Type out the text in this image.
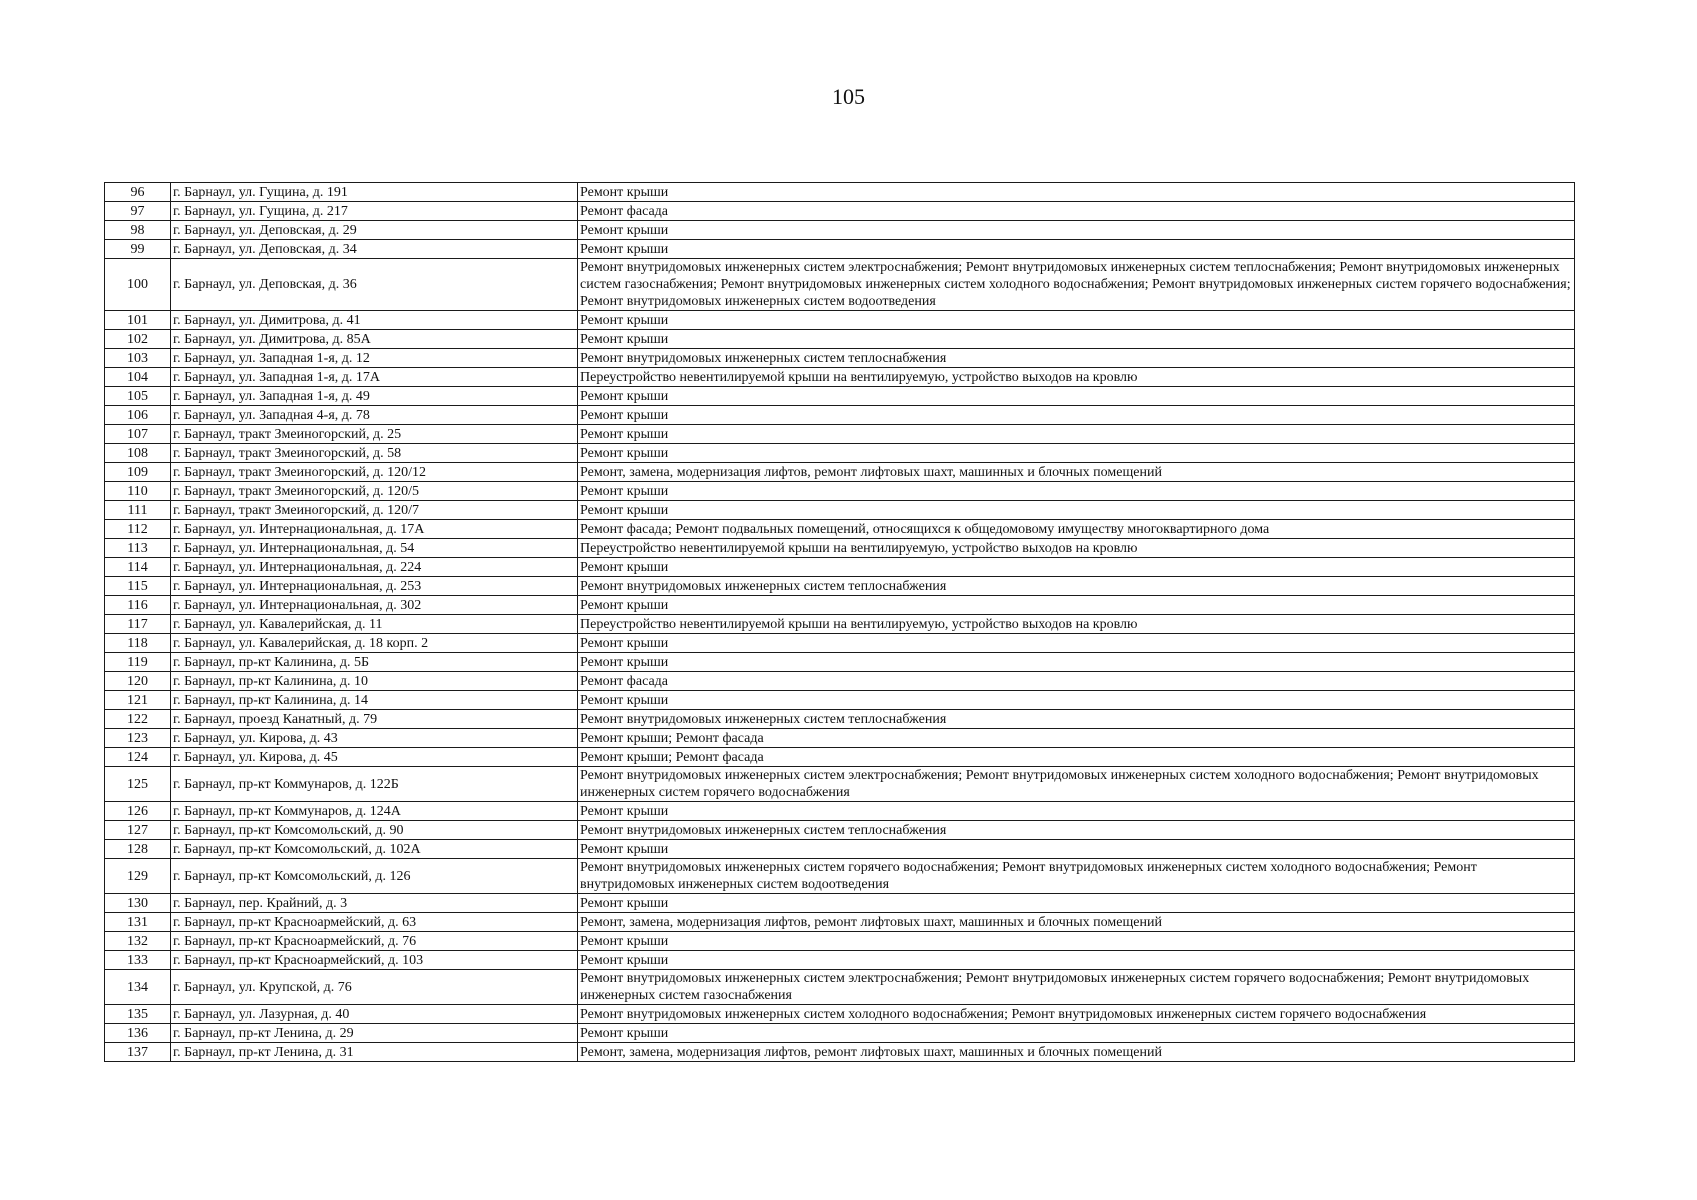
105
96	г. Барнаул, ул. Гущина, д. 191	Ремонт крыши
97	г. Барнаул, ул. Гущина, д. 217	Ремонт фасада
98	г. Барнаул, ул. Деповская, д. 29	Ремонт крыши
99	г. Барнаул, ул. Деповская, д. 34	Ремонт крыши
100	г. Барнаул, ул. Деповская, д. 36	Ремонт внутридомовых инженерных систем электроснабжения; Ремонт внутридомовых инженерных систем теплоснабжения; Ремонт внутридомовых инженерных систем газоснабжения; Ремонт внутридомовых инженерных систем холодного водоснабжения; Ремонт внутридомовых инженерных систем горячего водоснабжения; Ремонт внутридомовых инженерных систем водоотведения
101	г. Барнаул, ул. Димитрова, д. 41	Ремонт крыши
102	г. Барнаул, ул. Димитрова, д. 85А	Ремонт крыши
103	г. Барнаул, ул. Западная 1-я, д. 12	Ремонт внутридомовых инженерных систем теплоснабжения
104	г. Барнаул, ул. Западная 1-я, д. 17А	Переустройство невентилируемой крыши на вентилируемую, устройство выходов на кровлю
105	г. Барнаул, ул. Западная 1-я, д. 49	Ремонт крыши
106	г. Барнаул, ул. Западная 4-я, д. 78	Ремонт крыши
107	г. Барнаул, тракт Змеиногорский, д. 25	Ремонт крыши
108	г. Барнаул, тракт Змеиногорский, д. 58	Ремонт крыши
109	г. Барнаул, тракт Змеиногорский, д. 120/12	Ремонт, замена, модернизация лифтов, ремонт лифтовых шахт, машинных и блочных помещений
110	г. Барнаул, тракт Змеиногорский, д. 120/5	Ремонт крыши
111	г. Барнаул, тракт Змеиногорский, д. 120/7	Ремонт крыши
112	г. Барнаул, ул. Интернациональная, д. 17А	Ремонт фасада; Ремонт подвальных помещений, относящихся к общедомовому имуществу многоквартирного дома
113	г. Барнаул, ул. Интернациональная, д. 54	Переустройство невентилируемой крыши на вентилируемую, устройство выходов на кровлю
114	г. Барнаул, ул. Интернациональная, д. 224	Ремонт крыши
115	г. Барнаул, ул. Интернациональная, д. 253	Ремонт внутридомовых инженерных систем теплоснабжения
116	г. Барнаул, ул. Интернациональная, д. 302	Ремонт крыши
117	г. Барнаул, ул. Кавалерийская, д. 11	Переустройство невентилируемой крыши на вентилируемую, устройство выходов на кровлю
118	г. Барнаул, ул. Кавалерийская, д. 18 корп. 2	Ремонт крыши
119	г. Барнаул, пр-кт Калинина, д. 5Б	Ремонт крыши
120	г. Барнаул, пр-кт Калинина, д. 10	Ремонт фасада
121	г. Барнаул, пр-кт Калинина, д. 14	Ремонт крыши
122	г. Барнаул, проезд Канатный, д. 79	Ремонт внутридомовых инженерных систем теплоснабжения
123	г. Барнаул, ул. Кирова, д. 43	Ремонт крыши; Ремонт фасада
124	г. Барнаул, ул. Кирова, д. 45	Ремонт крыши; Ремонт фасада
125	г. Барнаул, пр-кт Коммунаров, д. 122Б	Ремонт внутридомовых инженерных систем электроснабжения; Ремонт внутридомовых инженерных систем холодного водоснабжения; Ремонт внутридомовых инженерных систем горячего водоснабжения
126	г. Барнаул, пр-кт Коммунаров, д. 124А	Ремонт крыши
127	г. Барнаул, пр-кт Комсомольский, д. 90	Ремонт внутридомовых инженерных систем теплоснабжения
128	г. Барнаул, пр-кт Комсомольский, д. 102А	Ремонт крыши
129	г. Барнаул, пр-кт Комсомольский, д. 126	Ремонт внутридомовых инженерных систем горячего водоснабжения; Ремонт внутридомовых инженерных систем холодного водоснабжения; Ремонт внутридомовых инженерных систем водоотведения
130	г. Барнаул, пер. Крайний, д. 3	Ремонт крыши
131	г. Барнаул, пр-кт Красноармейский, д. 63	Ремонт, замена, модернизация лифтов, ремонт лифтовых шахт, машинных и блочных помещений
132	г. Барнаул, пр-кт Красноармейский, д. 76	Ремонт крыши
133	г. Барнаул, пр-кт Красноармейский, д. 103	Ремонт крыши
134	г. Барнаул, ул. Крупской, д. 76	Ремонт внутридомовых инженерных систем электроснабжения; Ремонт внутридомовых инженерных систем горячего водоснабжения; Ремонт внутридомовых инженерных систем газоснабжения
135	г. Барнаул, ул. Лазурная, д. 40	Ремонт внутридомовых инженерных систем холодного водоснабжения; Ремонт внутридомовых инженерных систем горячего водоснабжения
136	г. Барнаул, пр-кт Ленина, д. 29	Ремонт крыши
137	г. Барнаул, пр-кт Ленина, д. 31	Ремонт, замена, модернизация лифтов, ремонт лифтовых шахт, машинных и блочных помещений
